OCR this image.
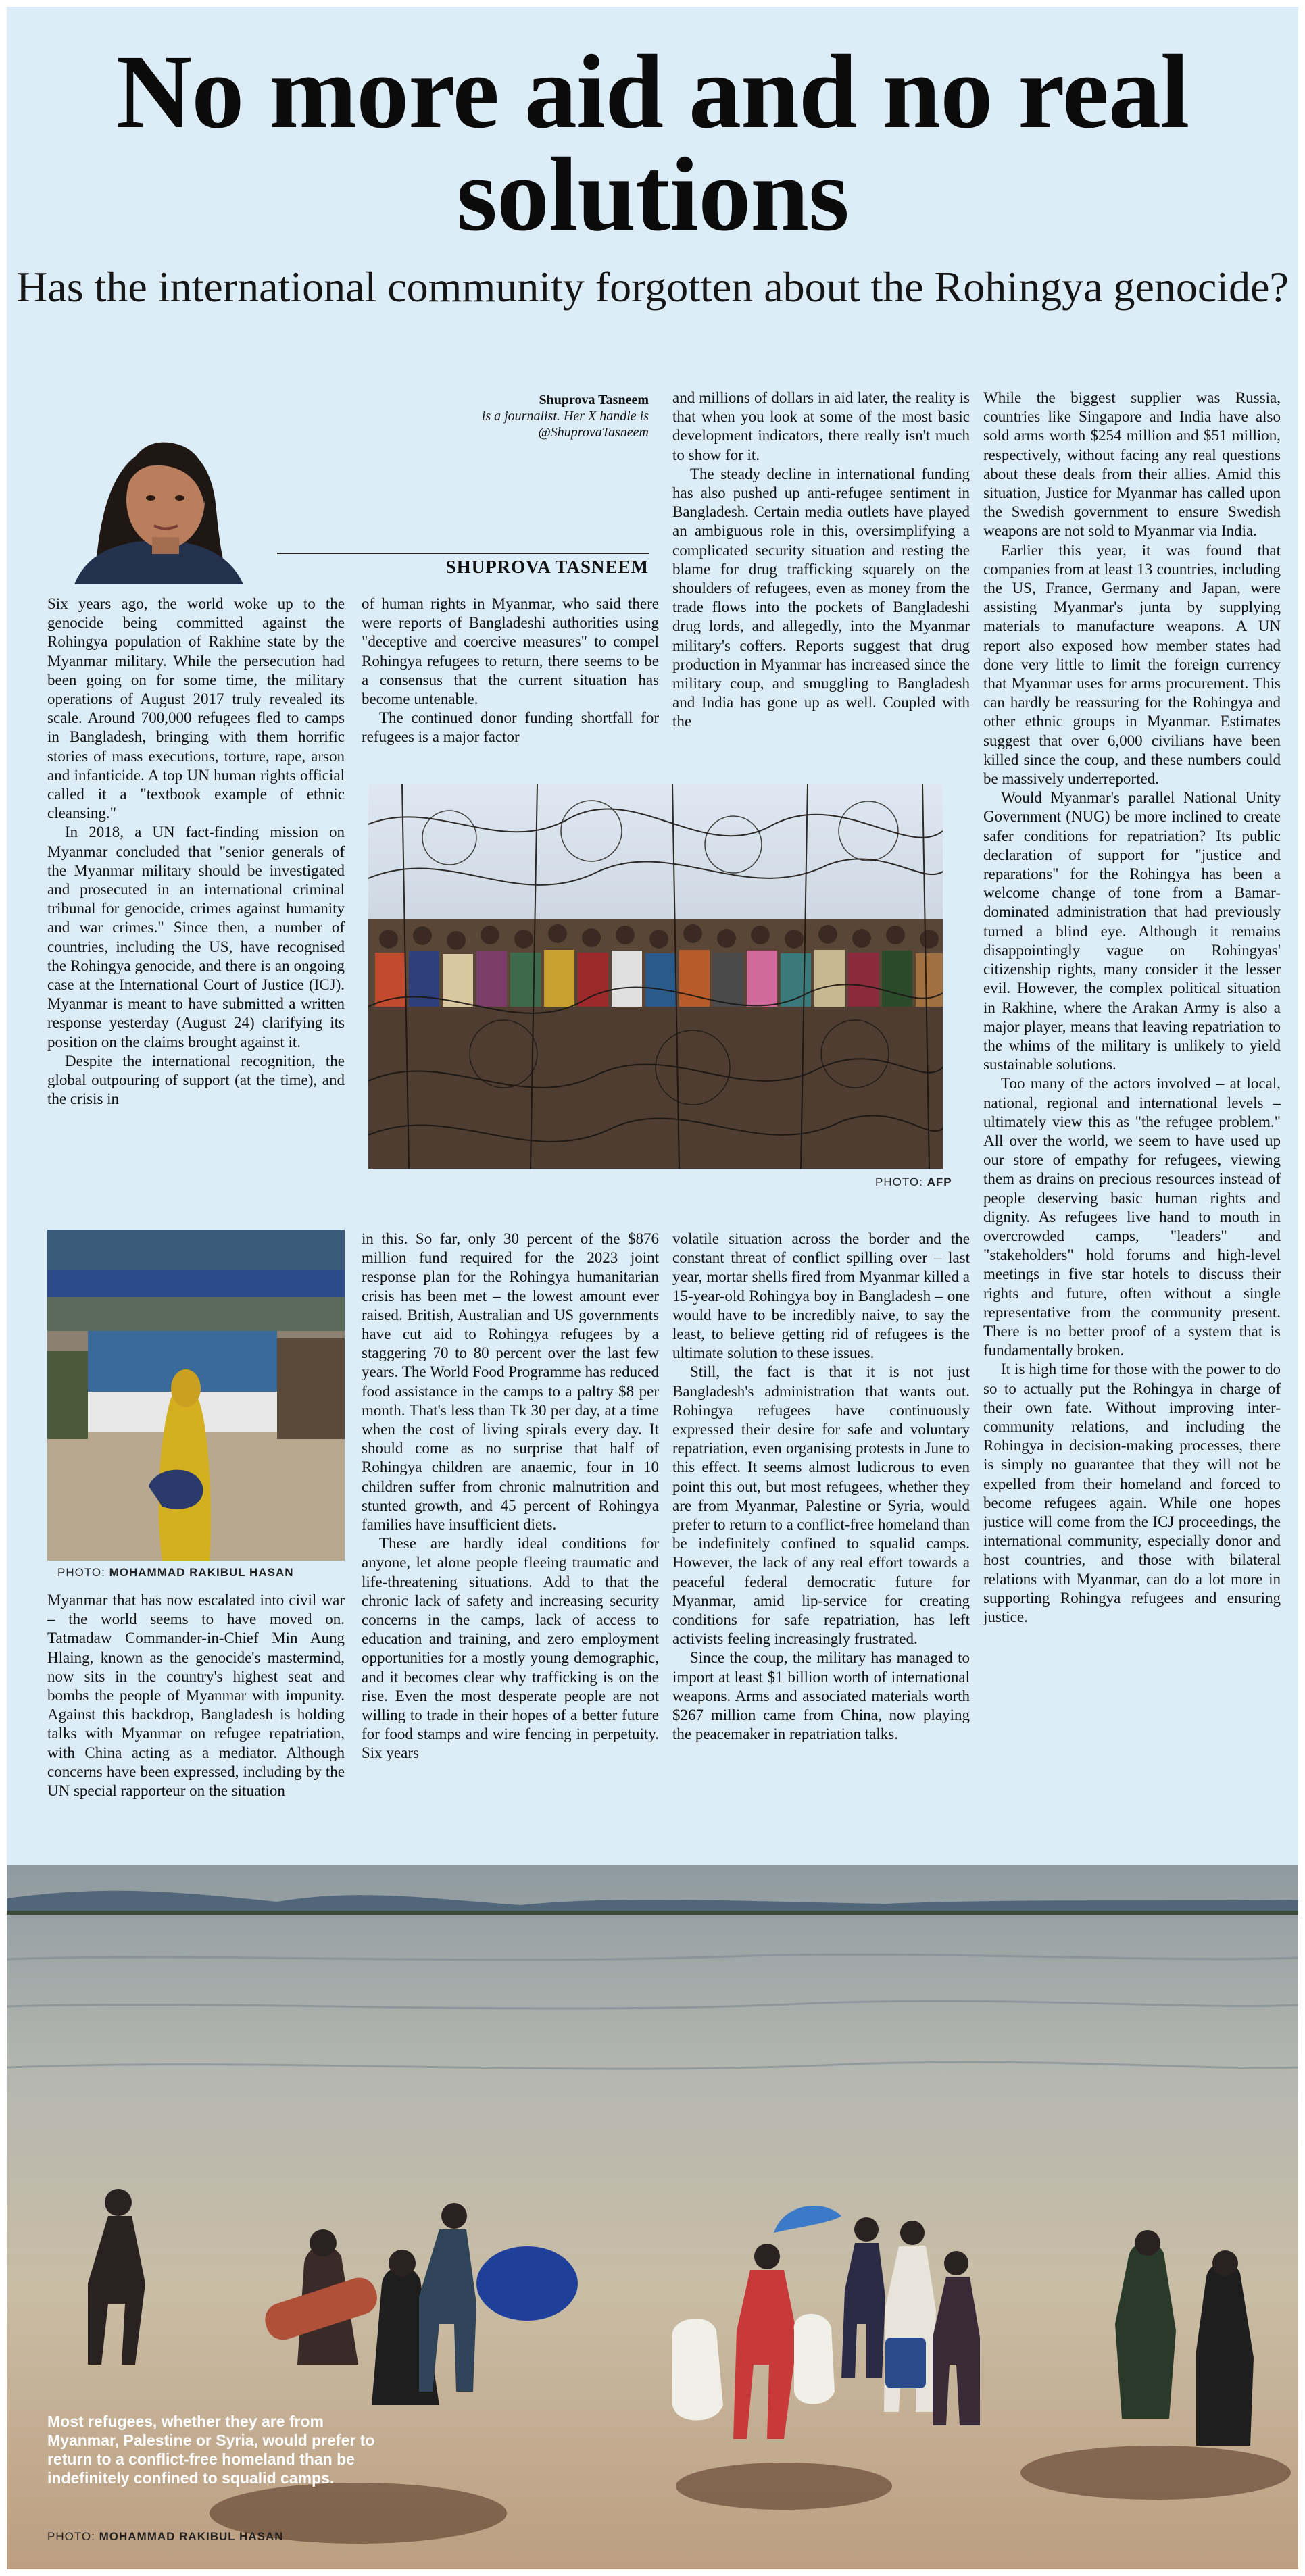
No more aid and no real solutions
Has the international community forgotten about the Rohingya genocide?
Shuprova Tasneem
is a journalist. Her X handle is @ShuprovaTasneem
SHUPROVA TASNEEM

Six years ago, the world woke up to the genocide being committed against the Rohingya population of Rakhine state by the Myanmar military. While the persecution had been going on for some time, the military operations of August 2017 truly revealed its scale. Around 700,000 refugees fled to camps in Bangladesh, bringing with them horrific stories of mass executions, torture, rape, arson and infanticide. A top UN human rights official called it a "textbook example of ethnic cleansing."

In 2018, a UN fact-finding mission on Myanmar concluded that "senior generals of the Myanmar military should be investigated and prosecuted in an international criminal tribunal for genocide, crimes against humanity and war crimes." Since then, a number of countries, including the US, have recognised the Rohingya genocide, and there is an ongoing case at the International Court of Justice (ICJ). Myanmar is meant to have submitted a written response yesterday (August 24) clarifying its position on the claims brought against it.

Despite the international recognition, the global outpouring of support (at the time), and the crisis in

of human rights in Myanmar, who said there were reports of Bangladeshi authorities using "deceptive and coercive measures" to compel Rohingya refugees to return, there seems to be a consensus that the current situation has become untenable.

The continued donor funding shortfall for refugees is a major factor

and millions of dollars in aid later, the reality is that when you look at some of the most basic development indicators, there really isn't much to show for it.

The steady decline in international funding has also pushed up anti-refugee sentiment in Bangladesh. Certain media outlets have played an ambiguous role in this, oversimplifying a complicated security situation and resting the blame for drug trafficking squarely on the shoulders of refugees, even as money from the trade flows into the pockets of Bangladeshi drug lords, and allegedly, into the Myanmar military's coffers. Reports suggest that drug production in Myanmar has increased since the military coup, and smuggling to Bangladesh and India has gone up as well. Coupled with the

While the biggest supplier was Russia, countries like Singapore and India have also sold arms worth $254 million and $51 million, respectively, without facing any real questions about these deals from their allies. Amid this situation, Justice for Myanmar has called upon the Swedish government to ensure Swedish weapons are not sold to Myanmar via India.

Earlier this year, it was found that companies from at least 13 countries, including the US, France, Germany and Japan, were assisting Myanmar's junta by supplying materials to manufacture weapons. A UN report also exposed how member states had done very little to limit the foreign currency that Myanmar uses for arms procurement. This can hardly be reassuring for the Rohingya and other ethnic groups in Myanmar. Estimates suggest that over 6,000 civilians have been killed since the coup, and these numbers could be massively underreported.

Would Myanmar's parallel National Unity Government (NUG) be more inclined to create safer conditions for repatriation? Its public declaration of support for "justice and reparations" for the Rohingya has been a welcome change of tone from a Bamar-dominated administration that had previously turned a blind eye. Although it remains disappointingly vague on Rohingyas' citizenship rights, many consider it the lesser evil. However, the complex political situation in Rakhine, where the Arakan Army is also a major player, means that leaving repatriation to the whims of the military is unlikely to yield sustainable solutions.

Too many of the actors involved – at local, national, regional and international levels – ultimately view this as "the refugee problem." All over the world, we seem to have used up our store of empathy for refugees, viewing them as drains on precious resources instead of people deserving basic human rights and dignity. As refugees live hand to mouth in overcrowded camps, "leaders" and "stakeholders" hold forums and high-level meetings in five star hotels to discuss their rights and future, often without a single representative from the community present. There is no better proof of a system that is fundamentally broken.

It is high time for those with the power to do so to actually put the Rohingya in charge of their own fate. Without improving inter-community relations, and including the Rohingya in decision-making processes, there is simply no guarantee that they will not be expelled from their homeland and forced to become refugees again. While one hopes justice will come from the ICJ proceedings, the international community, especially donor and host countries, and those with bilateral relations with Myanmar, can do a lot more in supporting Rohingya refugees and ensuring justice.

PHOTO: AFP
PHOTO: MOHAMMAD RAKIBUL HASAN

Myanmar that has now escalated into civil war – the world seems to have moved on. Tatmadaw Commander-in-Chief Min Aung Hlaing, known as the genocide's mastermind, now sits in the country's highest seat and bombs the people of Myanmar with impunity. Against this backdrop, Bangladesh is holding talks with Myanmar on refugee repatriation, with China acting as a mediator. Although concerns have been expressed, including by the UN special rapporteur on the situation

in this. So far, only 30 percent of the $876 million fund required for the 2023 joint response plan for the Rohingya humanitarian crisis has been met – the lowest amount ever raised. British, Australian and US governments have cut aid to Rohingya refugees by a staggering 70 to 80 percent over the last few years. The World Food Programme has reduced food assistance in the camps to a paltry $8 per month. That's less than Tk 30 per day, at a time when the cost of living spirals every day. It should come as no surprise that half of Rohingya children are anaemic, four in 10 children suffer from chronic malnutrition and stunted growth, and 45 percent of Rohingya families have insufficient diets.

These are hardly ideal conditions for anyone, let alone people fleeing traumatic and life-threatening situations. Add to that the chronic lack of safety and increasing security concerns in the camps, lack of access to education and training, and zero employment opportunities for a mostly young demographic, and it becomes clear why trafficking is on the rise. Even the most desperate people are not willing to trade in their hopes of a better future for food stamps and wire fencing in perpetuity. Six years

volatile situation across the border and the constant threat of conflict spilling over – last year, mortar shells fired from Myanmar killed a 15-year-old Rohingya boy in Bangladesh – one would have to be incredibly naive, to say the least, to believe getting rid of refugees is the ultimate solution to these issues.

Still, the fact is that it is not just Bangladesh's administration that wants out. Rohingya refugees have continuously expressed their desire for safe and voluntary repatriation, even organising protests in June to this effect. It seems almost ludicrous to even point this out, but most refugees, whether they are from Myanmar, Palestine or Syria, would prefer to return to a conflict-free homeland than be indefinitely confined to squalid camps. However, the lack of any real effort towards a peaceful federal democratic future for Myanmar, amid lip-service for creating conditions for safe repatriation, has left activists feeling increasingly frustrated.

Since the coup, the military has managed to import at least $1 billion worth of international weapons. Arms and associated materials worth $267 million came from China, now playing the peacemaker in repatriation talks.

Most refugees, whether they are from Myanmar, Palestine or Syria, would prefer to return to a conflict-free homeland than be indefinitely confined to squalid camps.
PHOTO: MOHAMMAD RAKIBUL HASAN
